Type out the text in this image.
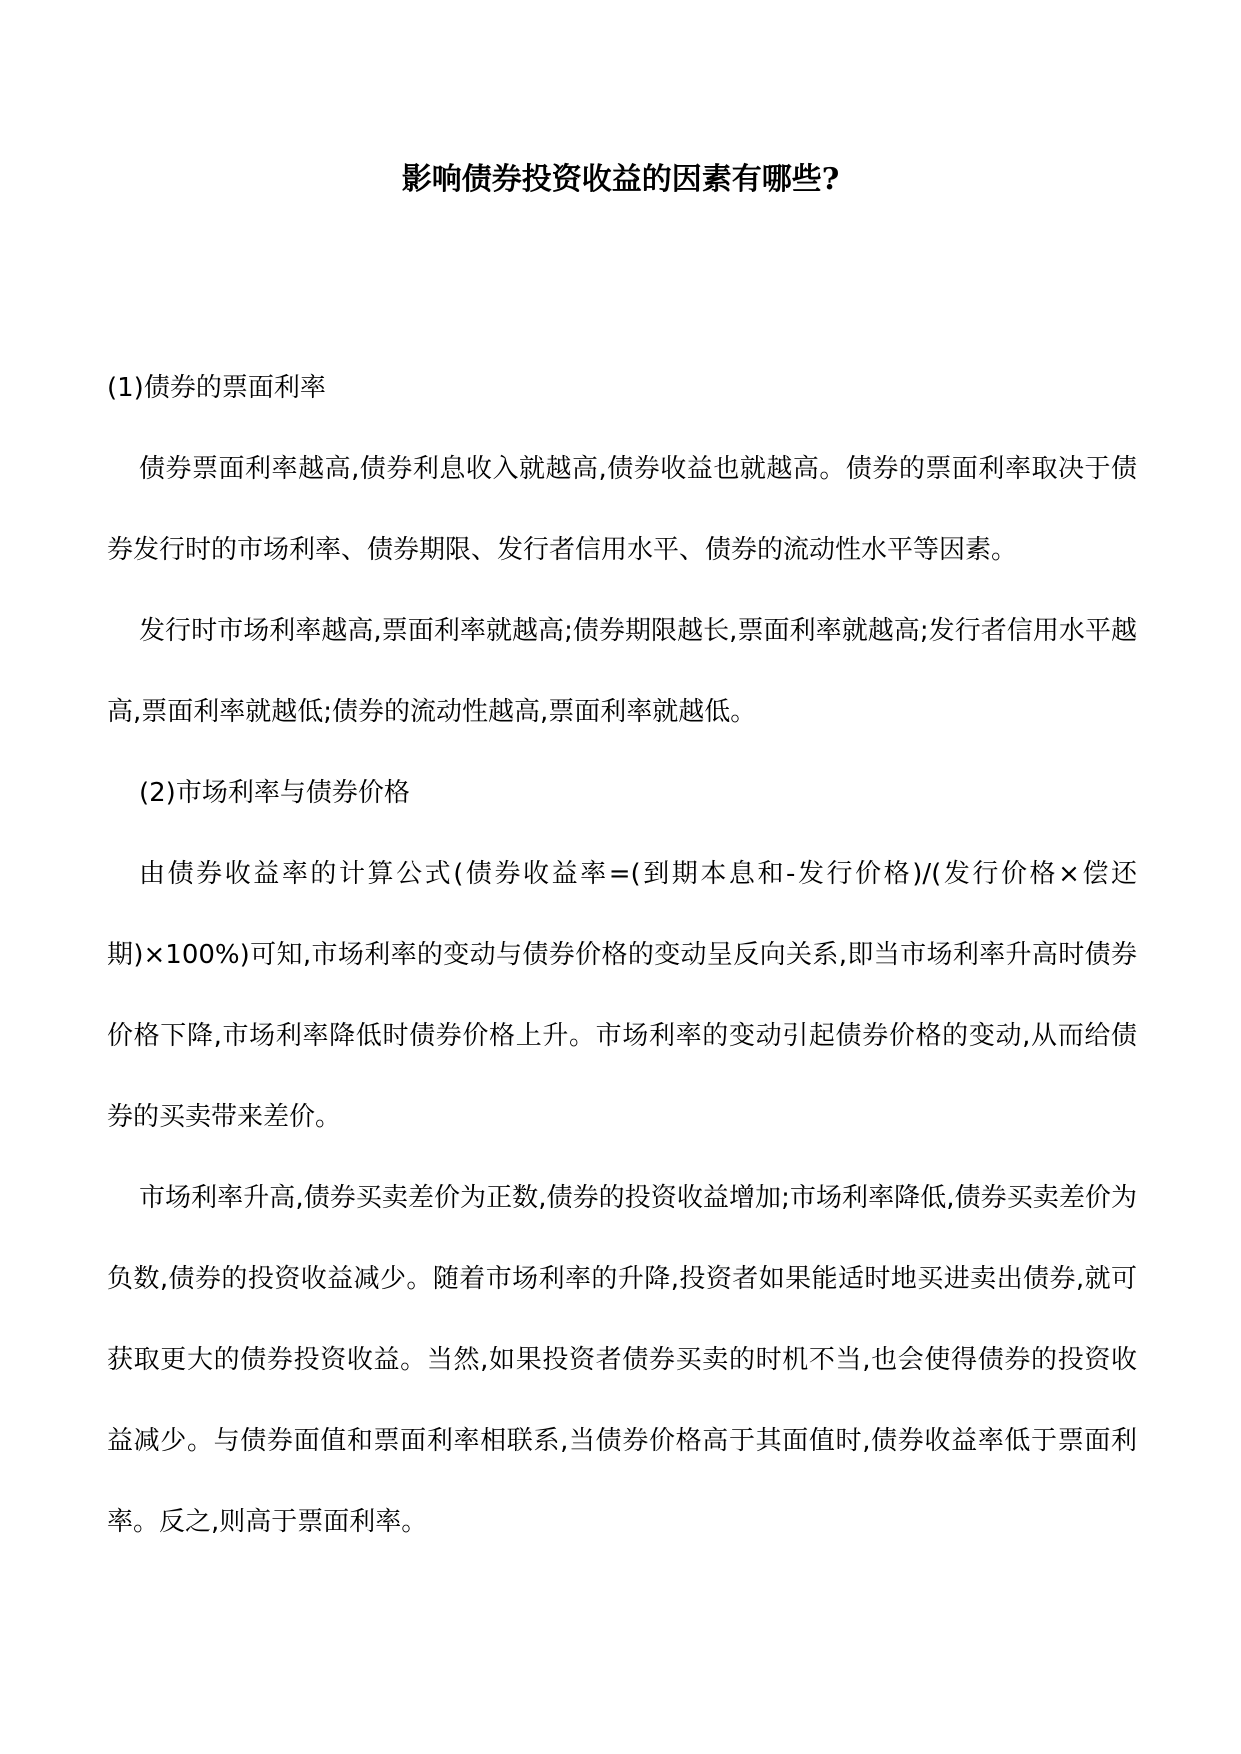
影响债券投资收益的因素有哪些?

(1)债券的票面利率

债券票面利率越高,债券利息收入就越高,债券收益也就越高。债券的票面利率取决于债券发行时的市场利率、债券期限、发行者信用水平、债券的流动性水平等因素。

发行时市场利率越高,票面利率就越高;债券期限越长,票面利率就越高;发行者信用水平越高,票面利率就越低;债券的流动性越高,票面利率就越低。

(2)市场利率与债券价格

由债券收益率的计算公式(债券收益率=(到期本息和-发行价格)/(发行价格×偿还期)×100%)可知,市场利率的变动与债券价格的变动呈反向关系,即当市场利率升高时债券价格下降,市场利率降低时债券价格上升。市场利率的变动引起债券价格的变动,从而给债券的买卖带来差价。

市场利率升高,债券买卖差价为正数,债券的投资收益增加;市场利率降低,债券买卖差价为负数,债券的投资收益减少。随着市场利率的升降,投资者如果能适时地买进卖出债券,就可获取更大的债券投资收益。当然,如果投资者债券买卖的时机不当,也会使得债券的投资收益减少。与债券面值和票面利率相联系,当债券价格高于其面值时,债券收益率低于票面利率。反之,则高于票面利率。
